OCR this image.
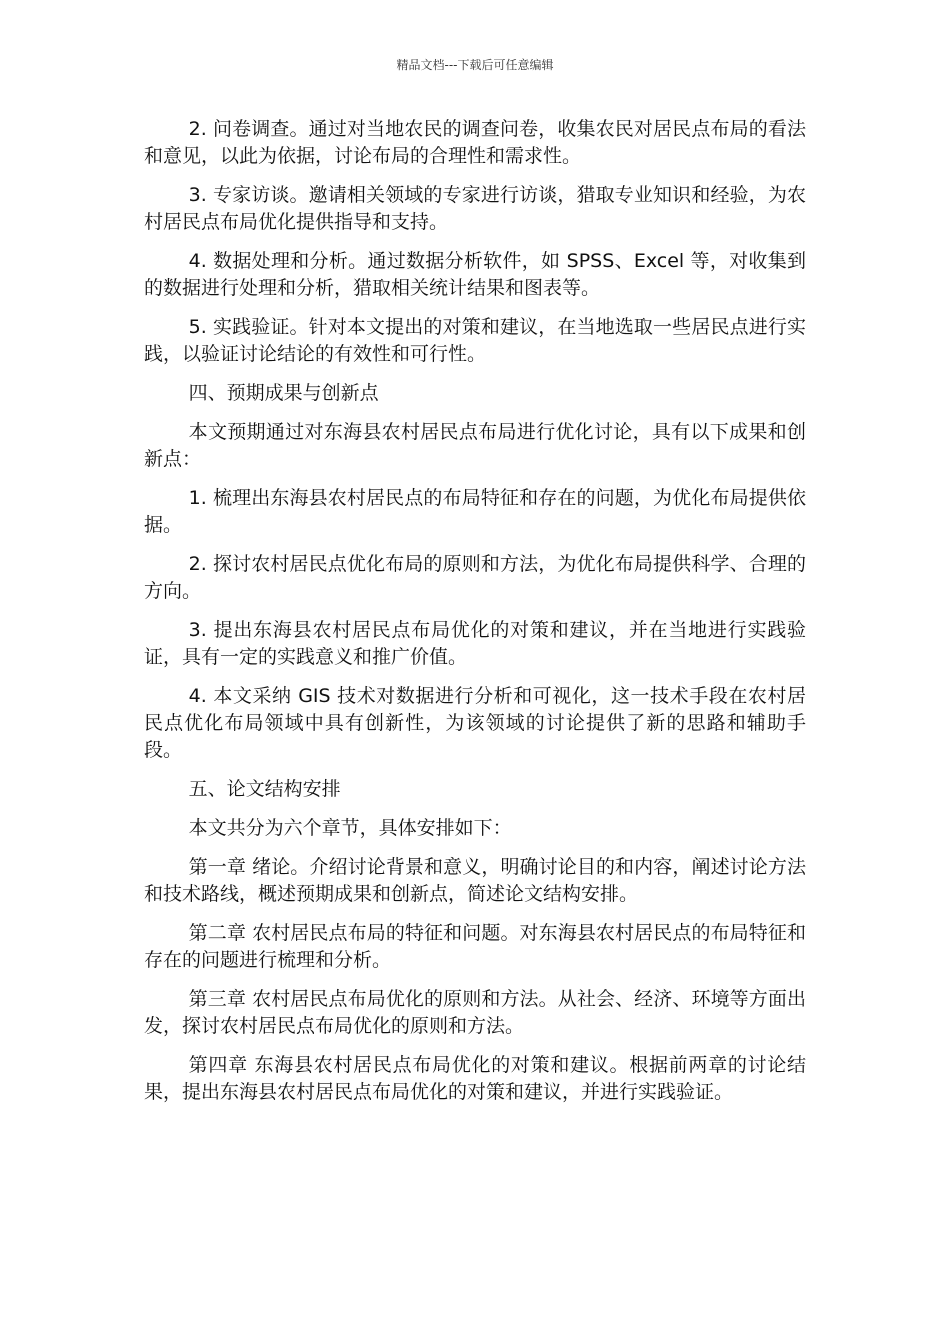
精品文档---下载后可任意编辑

2. 问卷调查。通过对当地农民的调查问卷，收集农民对居民点布局的看法和意见，以此为依据，讨论布局的合理性和需求性。

3. 专家访谈。邀请相关领域的专家进行访谈，猎取专业知识和经验，为农村居民点布局优化提供指导和支持。

4. 数据处理和分析。通过数据分析软件，如 SPSS、Excel 等，对收集到的数据进行处理和分析，猎取相关统计结果和图表等。

5. 实践验证。针对本文提出的对策和建议，在当地选取一些居民点进行实践，以验证讨论结论的有效性和可行性。

四、预期成果与创新点

本文预期通过对东海县农村居民点布局进行优化讨论，具有以下成果和创新点：

1. 梳理出东海县农村居民点的布局特征和存在的问题，为优化布局提供依据。

2. 探讨农村居民点优化布局的原则和方法，为优化布局提供科学、合理的方向。

3. 提出东海县农村居民点布局优化的对策和建议，并在当地进行实践验证，具有一定的实践意义和推广价值。

4. 本文采纳 GIS 技术对数据进行分析和可视化，这一技术手段在农村居民点优化布局领域中具有创新性，为该领域的讨论提供了新的思路和辅助手段。

五、论文结构安排

本文共分为六个章节，具体安排如下：

第一章 绪论。介绍讨论背景和意义，明确讨论目的和内容，阐述讨论方法和技术路线，概述预期成果和创新点，简述论文结构安排。

第二章 农村居民点布局的特征和问题。对东海县农村居民点的布局特征和存在的问题进行梳理和分析。

第三章 农村居民点布局优化的原则和方法。从社会、经济、环境等方面出发，探讨农村居民点布局优化的原则和方法。

第四章 东海县农村居民点布局优化的对策和建议。根据前两章的讨论结果，提出东海县农村居民点布局优化的对策和建议，并进行实践验证。
